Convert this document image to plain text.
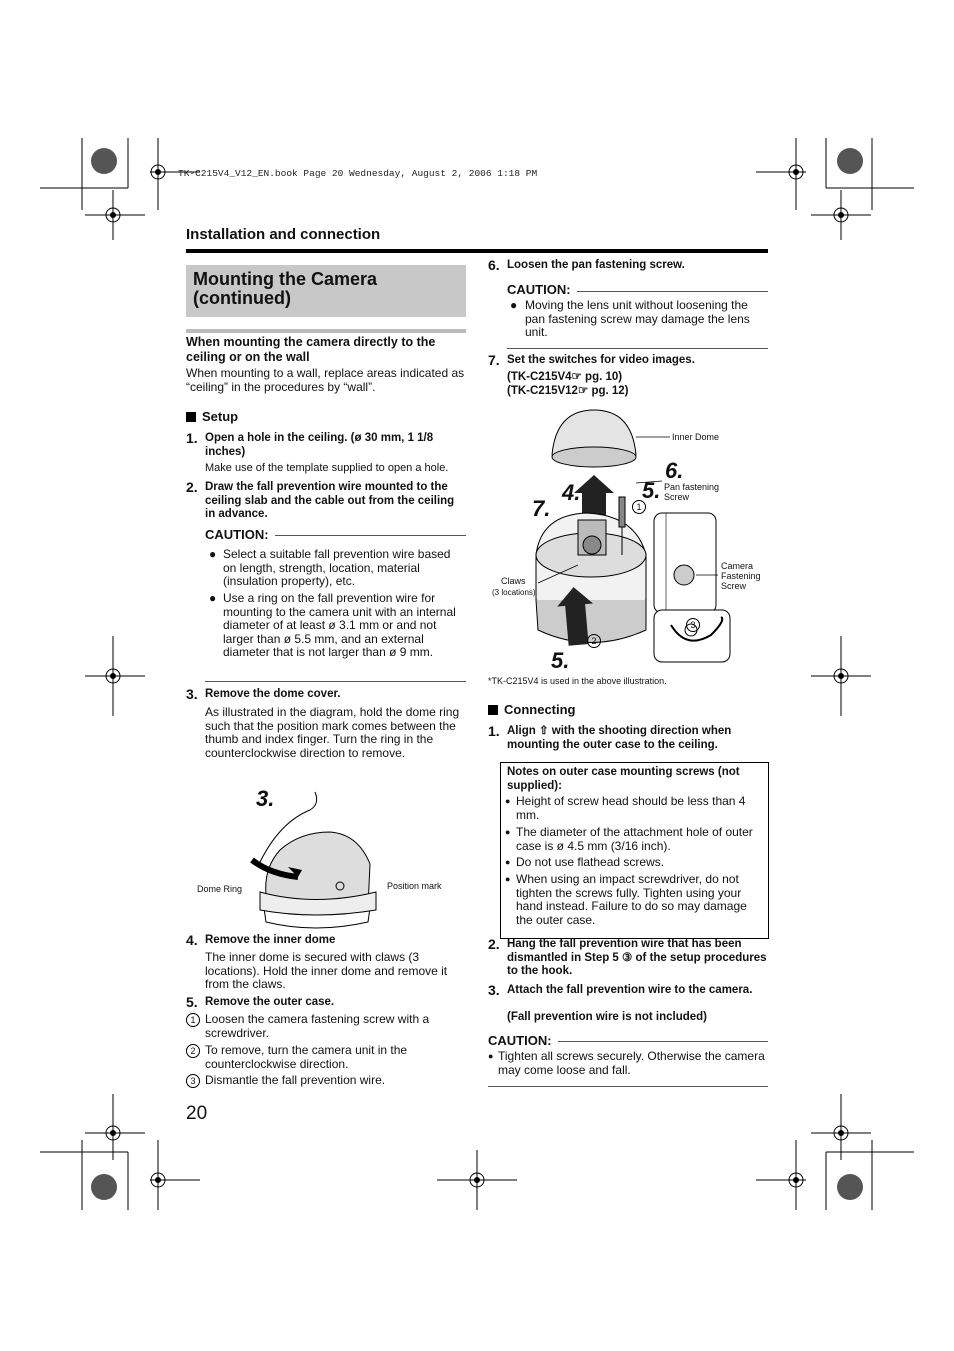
TK-C215V4_V12_EN.book Page 20 Wednesday, August 2, 2006 1:18 PM
Installation and connection
Mounting the Camera (continued)
When mounting the camera directly to the ceiling or on the wall
When mounting to a wall, replace areas indicated as “ceiling” in the procedures by “wall”.
Setup
1. Open a hole in the ceiling. (ø 30 mm, 1 1/8 inches)
Make use of the template supplied to open a hole.
2. Draw the fall prevention wire mounted to the ceiling slab and the cable out from the ceiling in advance.
CAUTION:
● Select a suitable fall prevention wire based on length, strength, location, material (insulation property), etc.
● Use a ring on the fall prevention wire for mounting to the camera unit with an internal diameter of at least ø 3.1 mm or and not larger than ø 5.5 mm, and an external diameter that is not larger than ø 9 mm.
3. Remove the dome cover.
As illustrated in the diagram, hold the dome ring such that the position mark comes between the thumb and index finger. Turn the ring in the counterclockwise direction to remove.
3.
Dome Ring	Position mark
4. Remove the inner dome
The inner dome is secured with claws (3 locations). Hold the inner dome and remove it from the claws.
5. Remove the outer case.
1 Loosen the camera fastening screw with a screwdriver.
2 To remove, turn the camera unit in the counterclockwise direction.
3 Dismantle the fall prevention wire.
20
6. Loosen the pan fastening screw.
CAUTION:
● Moving the lens unit without loosening the pan fastening screw may damage the lens unit.
7. Set the switches for video images.
(TK-C215V4☞ pg. 10)
(TK-C215V12☞ pg. 12)
Inner Dome
6.
5. Pan fastening Screw
4.
7.	1
Camera Fastening Screw
Claws
(3 locations)
2
3
5.
*TK-C215V4 is used in the above illustration.
Connecting
1. Align ⇧ with the shooting direction when mounting the outer case to the ceiling.
Notes on outer case mounting screws (not supplied):
● Height of screw head should be less than 4 mm.
● The diameter of the attachment hole of outer case is ø 4.5 mm (3/16 inch).
● Do not use flathead screws.
● When using an impact screwdriver, do not tighten the screws fully. Tighten using your hand instead. Failure to do so may damage the outer case.
2. Hang the fall prevention wire that has been dismantled in Step 5 ③ of the setup procedures to the hook.
3. Attach the fall prevention wire to the camera.
(Fall prevention wire is not included)
CAUTION:
● Tighten all screws securely. Otherwise the camera may come loose and fall.
